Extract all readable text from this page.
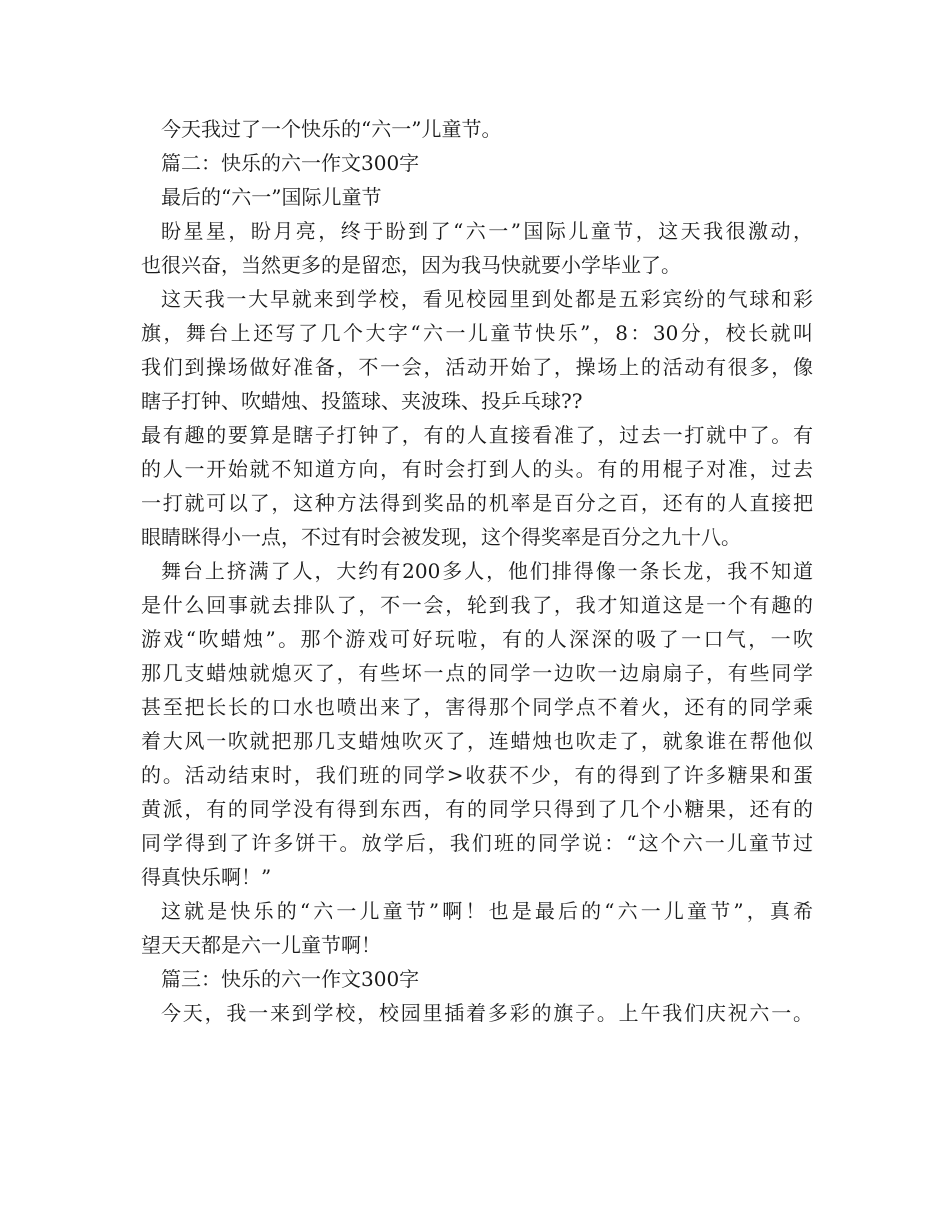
今天我过了一个快乐的“六一”儿童节。
篇二：快乐的六一作文300字
最后的“六一”国际儿童节
盼星星，盼月亮，终于盼到了“六一”国际儿童节，这天我很激动，
也很兴奋，当然更多的是留恋，因为我马快就要小学毕业了。
这天我一大早就来到学校，看见校园里到处都是五彩宾纷的气球和彩
旗，舞台上还写了几个大字“六一儿童节快乐”，8：30分，校长就叫
我们到操场做好准备，不一会，活动开始了，操场上的活动有很多，像
瞎子打钟、吹蜡烛、投篮球、夹波珠、投乒乓球??
最有趣的要算是瞎子打钟了，有的人直接看准了，过去一打就中了。有
的人一开始就不知道方向，有时会打到人的头。有的用棍子对准，过去
一打就可以了，这种方法得到奖品的机率是百分之百，还有的人直接把
眼睛眯得小一点，不过有时会被发现，这个得奖率是百分之九十八。
舞台上挤满了人，大约有200多人，他们排得像一条长龙，我不知道
是什么回事就去排队了，不一会，轮到我了，我才知道这是一个有趣的
游戏“吹蜡烛”。那个游戏可好玩啦，有的人深深的吸了一口气，一吹
那几支蜡烛就熄灭了，有些坏一点的同学一边吹一边扇扇子，有些同学
甚至把长长的口水也喷出来了，害得那个同学点不着火，还有的同学乘
着大风一吹就把那几支蜡烛吹灭了，连蜡烛也吹走了，就象谁在帮他似
的。活动结束时，我们班的同学>收获不少，有的得到了许多糖果和蛋
黄派，有的同学没有得到东西，有的同学只得到了几个小糖果，还有的
同学得到了许多饼干。放学后，我们班的同学说：“这个六一儿童节过
得真快乐啊！”
这就是快乐的“六一儿童节”啊！也是最后的“六一儿童节”，真希
望天天都是六一儿童节啊！
篇三：快乐的六一作文300字
今天，我一来到学校，校园里插着多彩的旗子。上午我们庆祝六一。
